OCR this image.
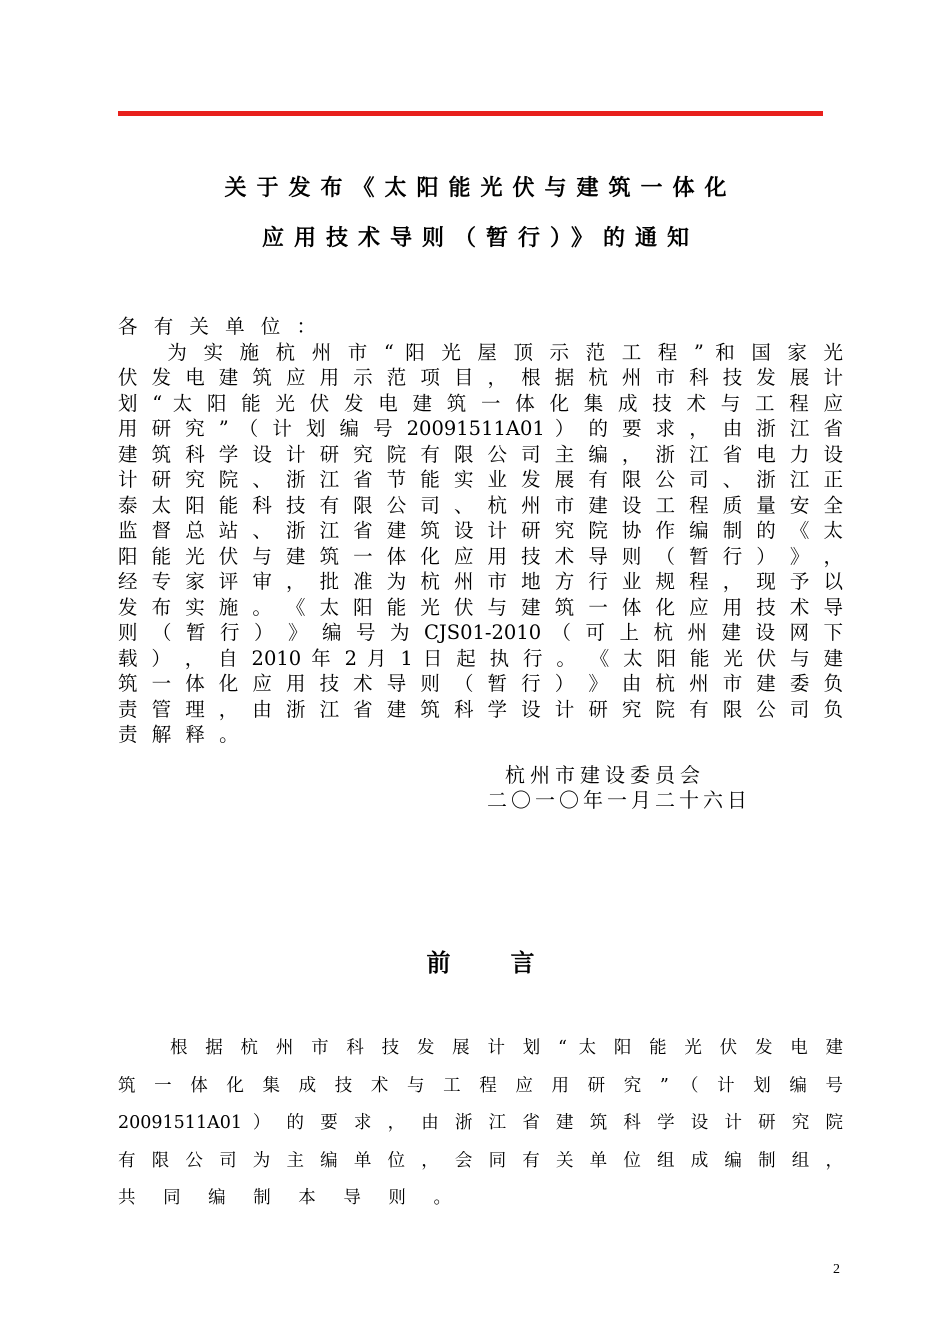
关于发布《太阳能光伏与建筑一体化
应用技术导则（暂行）》的通知
各 有 关 单 位 ：
　　为 实 施 杭 州 市 “ 阳 光 屋 顶 示 范 工 程 ” 和 国 家 光
伏 发 电 建 筑 应 用 示 范 项 目 ， 根 据 杭 州 市 科 技 发 展 计
划 “ 太 阳 能 光 伏 发 电 建 筑 一 体 化 集 成 技 术 与 工 程 应
用 研 究 ” （ 计 划 编 号 20091511A01 ） 的 要 求 ， 由 浙 江 省
建 筑 科 学 设 计 研 究 院 有 限 公 司 主 编 ， 浙 江 省 电 力 设
计 研 究 院 、 浙 江 省 节 能 实 业 发 展 有 限 公 司 、 浙 江 正
泰 太 阳 能 科 技 有 限 公 司 、 杭 州 市 建 设 工 程 质 量 安 全
监 督 总 站 、 浙 江 省 建 筑 设 计 研 究 院 协 作 编 制 的 《 太
阳 能 光 伏 与 建 筑 一 体 化 应 用 技 术 导 则 （ 暂 行 ） 》 ，
经 专 家 评 审 ， 批 准 为 杭 州 市 地 方 行 业 规 程 ， 现 予 以
发 布 实 施 。 《 太 阳 能 光 伏 与 建 筑 一 体 化 应 用 技 术 导
则 （ 暂 行 ） 》 编 号 为 CJS01-2010 （ 可 上 杭 州 建 设 网 下
载 ） ， 自 2010 年 2 月 1 日 起 执 行 。 《 太 阳 能 光 伏 与 建
筑 一 体 化 应 用 技 术 导 则 （ 暂 行 ） 》 由 杭 州 市 建 委 负
责 管 理 ， 由 浙 江 省 建 筑 科 学 设 计 研 究 院 有 限 公 司 负
责 解 释 。
杭州市建设委员会
二〇一〇年一月二十六日
前言
根 据 杭 州 市 科 技 发 展 计 划 “ 太 阳 能 光 伏 发 电 建
筑 一 体 化 集 成 技 术 与 工 程 应 用 研 究 ” （ 计 划 编 号
20091511A01 ） 的 要 求 ， 由 浙 江 省 建 筑 科 学 设 计 研 究 院
有 限 公 司 为 主 编 单 位 ， 会 同 有 关 单 位 组 成 编 制 组 ，
共 同 编 制 本 导 则 。
2
